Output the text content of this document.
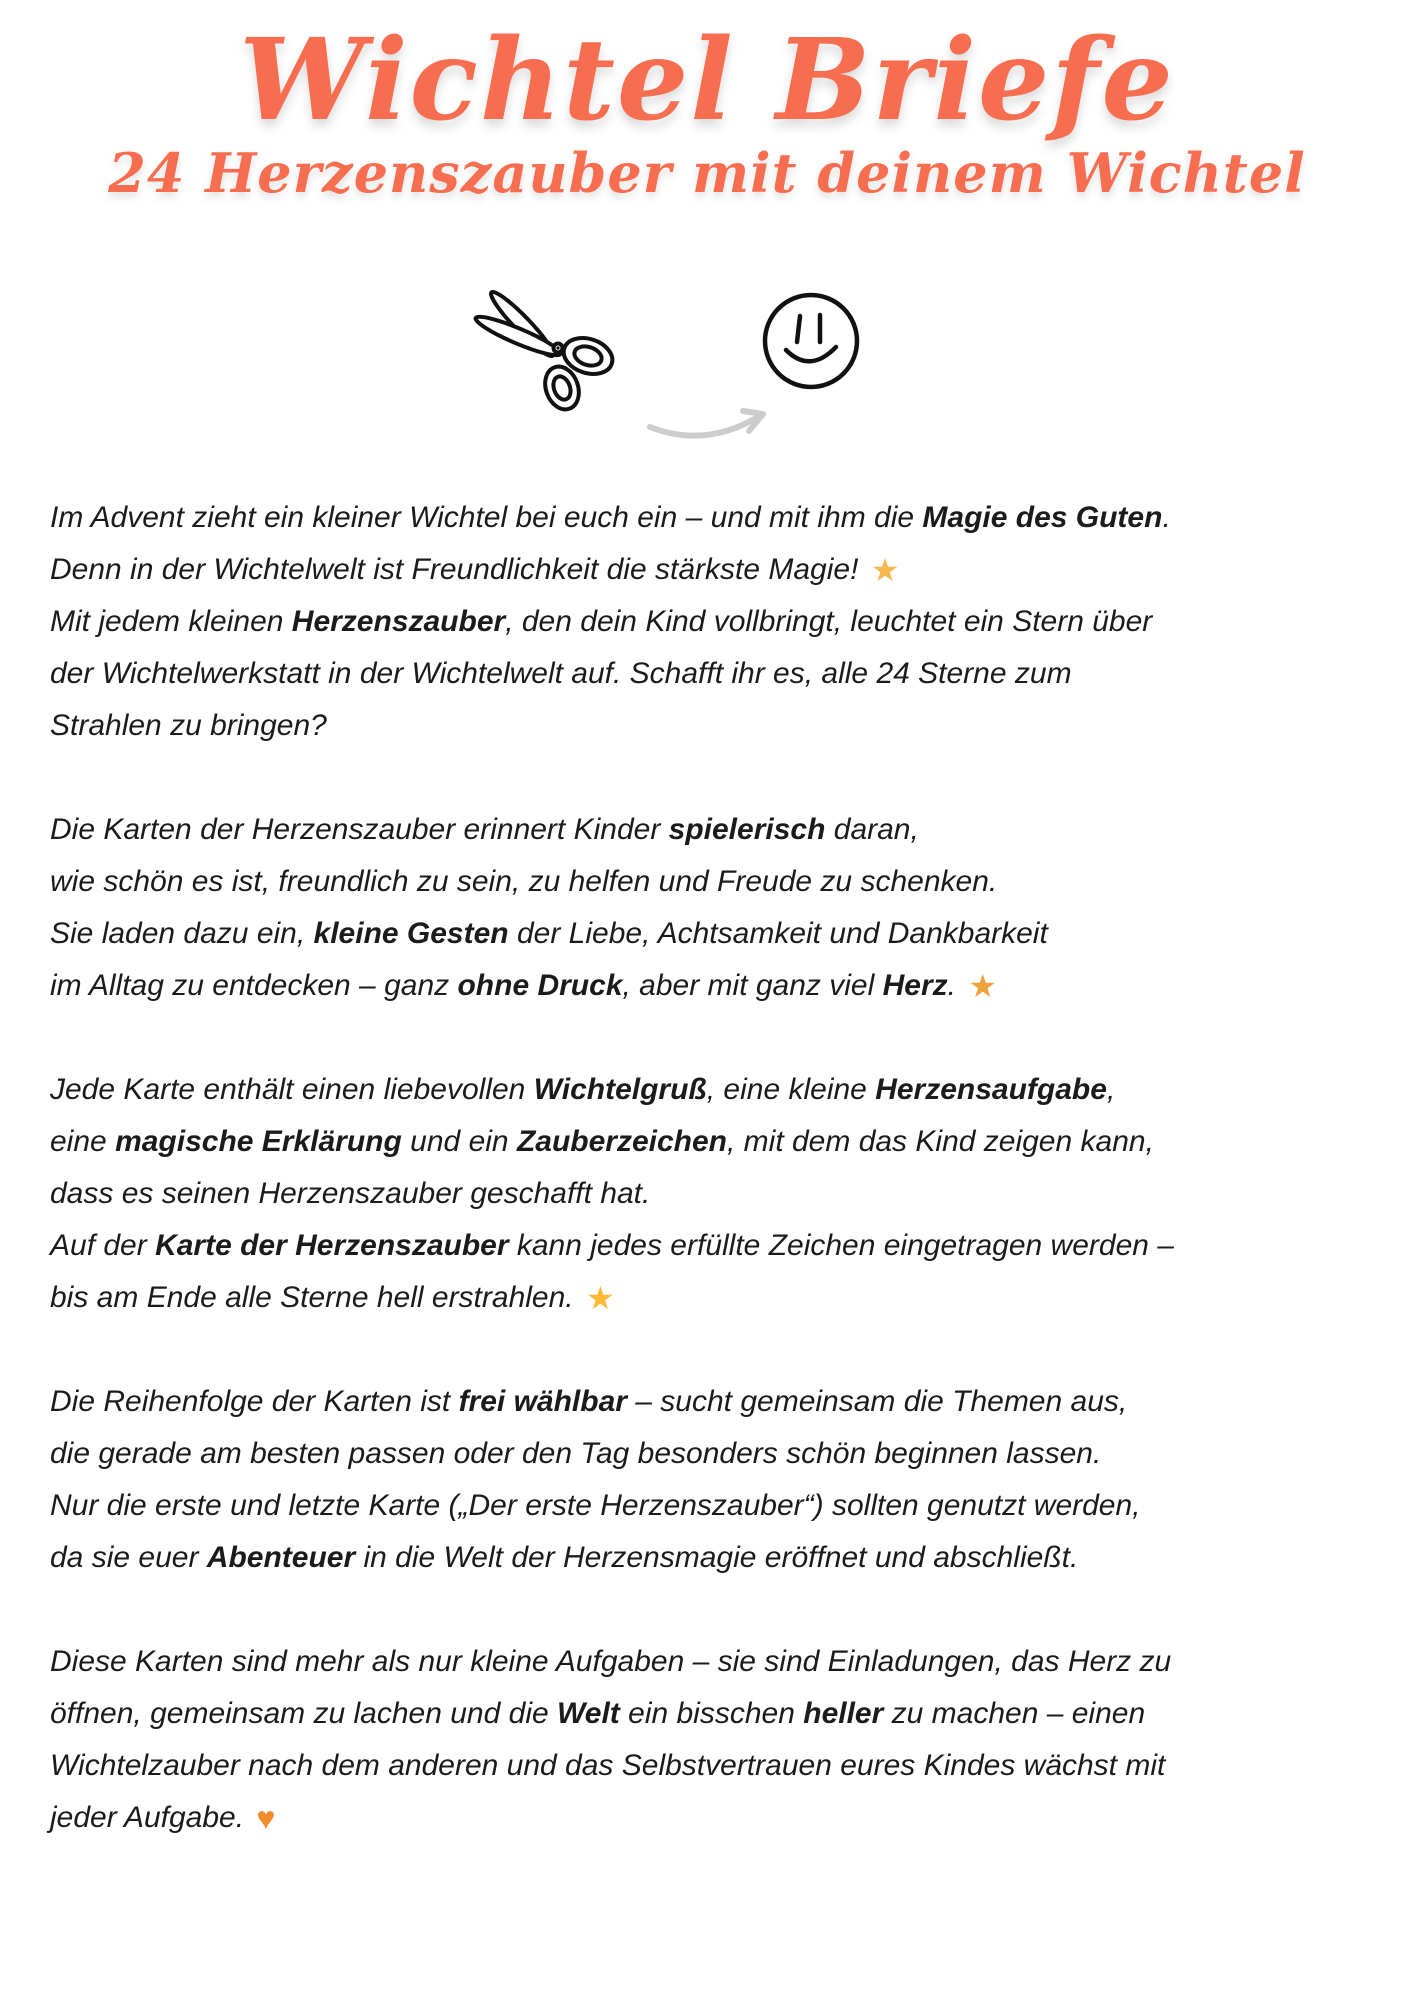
Wichtel Briefe
24 Herzenszauber mit deinem Wichtel

Im Advent zieht ein kleiner Wichtel bei euch ein – und mit ihm die Magie des Guten.
Denn in der Wichtelwelt ist Freundlichkeit die stärkste Magie! ★
Mit jedem kleinen Herzenszauber, den dein Kind vollbringt, leuchtet ein Stern über
der Wichtelwerkstatt in der Wichtelwelt auf. Schafft ihr es, alle 24 Sterne zum
Strahlen zu bringen?

Die Karten der Herzenszauber erinnert Kinder spielerisch daran,
wie schön es ist, freundlich zu sein, zu helfen und Freude zu schenken.
Sie laden dazu ein, kleine Gesten der Liebe, Achtsamkeit und Dankbarkeit
im Alltag zu entdecken – ganz ohne Druck, aber mit ganz viel Herz. ★

Jede Karte enthält einen liebevollen Wichtelgruß, eine kleine Herzensaufgabe,
eine magische Erklärung und ein Zauberzeichen, mit dem das Kind zeigen kann,
dass es seinen Herzenszauber geschafft hat.
Auf der Karte der Herzenszauber kann jedes erfüllte Zeichen eingetragen werden –
bis am Ende alle Sterne hell erstrahlen. ★

Die Reihenfolge der Karten ist frei wählbar – sucht gemeinsam die Themen aus,
die gerade am besten passen oder den Tag besonders schön beginnen lassen.
Nur die erste und letzte Karte („Der erste Herzenszauber“) sollten genutzt werden,
da sie euer Abenteuer in die Welt der Herzensmagie eröffnet und abschließt.

Diese Karten sind mehr als nur kleine Aufgaben – sie sind Einladungen, das Herz zu
öffnen, gemeinsam zu lachen und die Welt ein bisschen heller zu machen – einen
Wichtelzauber nach dem anderen und das Selbstvertrauen eures Kindes wächst mit
jeder Aufgabe. ♥
